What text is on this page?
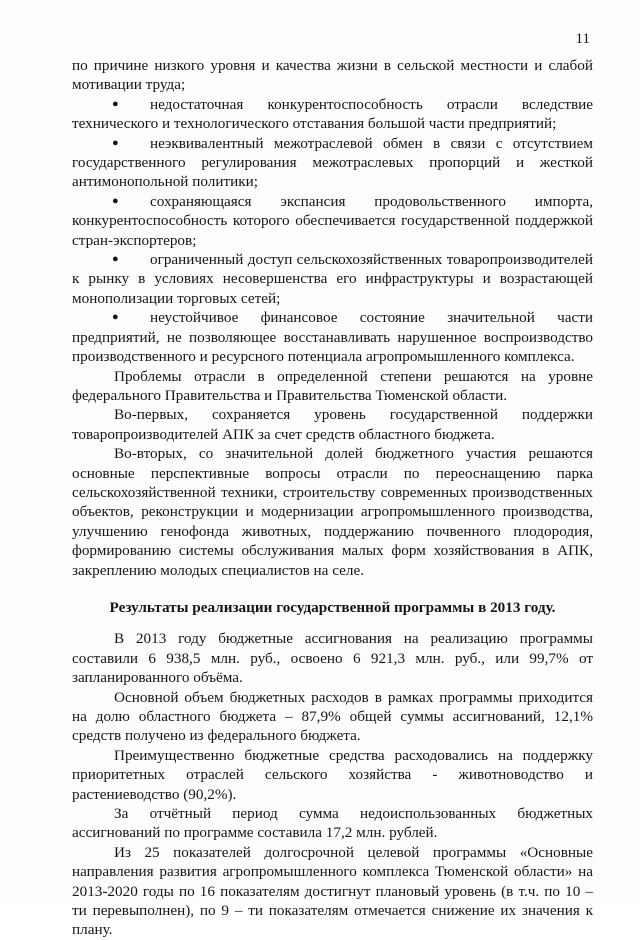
11

по причине низкого уровня и качества жизни в сельской местности и слабой мотивации труда;

● недостаточная конкурентоспособность отрасли вследствие технического и технологического отставания большой части предприятий;

● неэквивалентный межотраслевой обмен в связи с отсутствием государственного регулирования межотраслевых пропорций и жесткой антимонопольной политики;

● сохраняющаяся экспансия продовольственного импорта, конкурентоспособность которого обеспечивается государственной поддержкой стран-экспортеров;

● ограниченный доступ сельскохозяйственных товаропроизводителей к рынку в условиях несовершенства его инфраструктуры и возрастающей монополизации торговых сетей;

● неустойчивое финансовое состояние значительной части предприятий, не позволяющее восстанавливать нарушенное воспроизводство производственного и ресурсного потенциала агропромышленного комплекса.

Проблемы отрасли в определенной степени решаются на уровне федерального Правительства и Правительства Тюменской области.

Во-первых, сохраняется уровень государственной поддержки товаропроизводителей АПК за счет средств областного бюджета.

Во-вторых, со значительной долей бюджетного участия решаются основные перспективные вопросы отрасли по переоснащению парка сельскохозяйственной техники, строительству современных производственных объектов, реконструкции и модернизации агропромышленного производства, улучшению генофонда животных, поддержанию почвенного плодородия, формированию системы обслуживания малых форм хозяйствования в АПК, закреплению молодых специалистов на селе.

Результаты реализации государственной программы в 2013 году.

В 2013 году бюджетные ассигнования на реализацию программы составили 6 938,5 млн. руб., освоено 6 921,3 млн. руб., или 99,7% от запланированного объёма.

Основной объем бюджетных расходов в рамках программы приходится на долю областного бюджета – 87,9% общей суммы ассигнований, 12,1% средств получено из федерального бюджета.

Преимущественно бюджетные средства расходовались на поддержку приоритетных отраслей сельского хозяйства - животноводство и растениеводство (90,2%).

За отчётный период сумма недоиспользованных бюджетных ассигнований по программе составила 17,2 млн. рублей.

Из 25 показателей долгосрочной целевой программы «Основные направления развития агропромышленного комплекса Тюменской области» на 2013-2020 годы по 16 показателям достигнут плановый уровень (в т.ч. по 10 – ти перевыполнен), по 9 – ти показателям отмечается снижение их значения к плану.
